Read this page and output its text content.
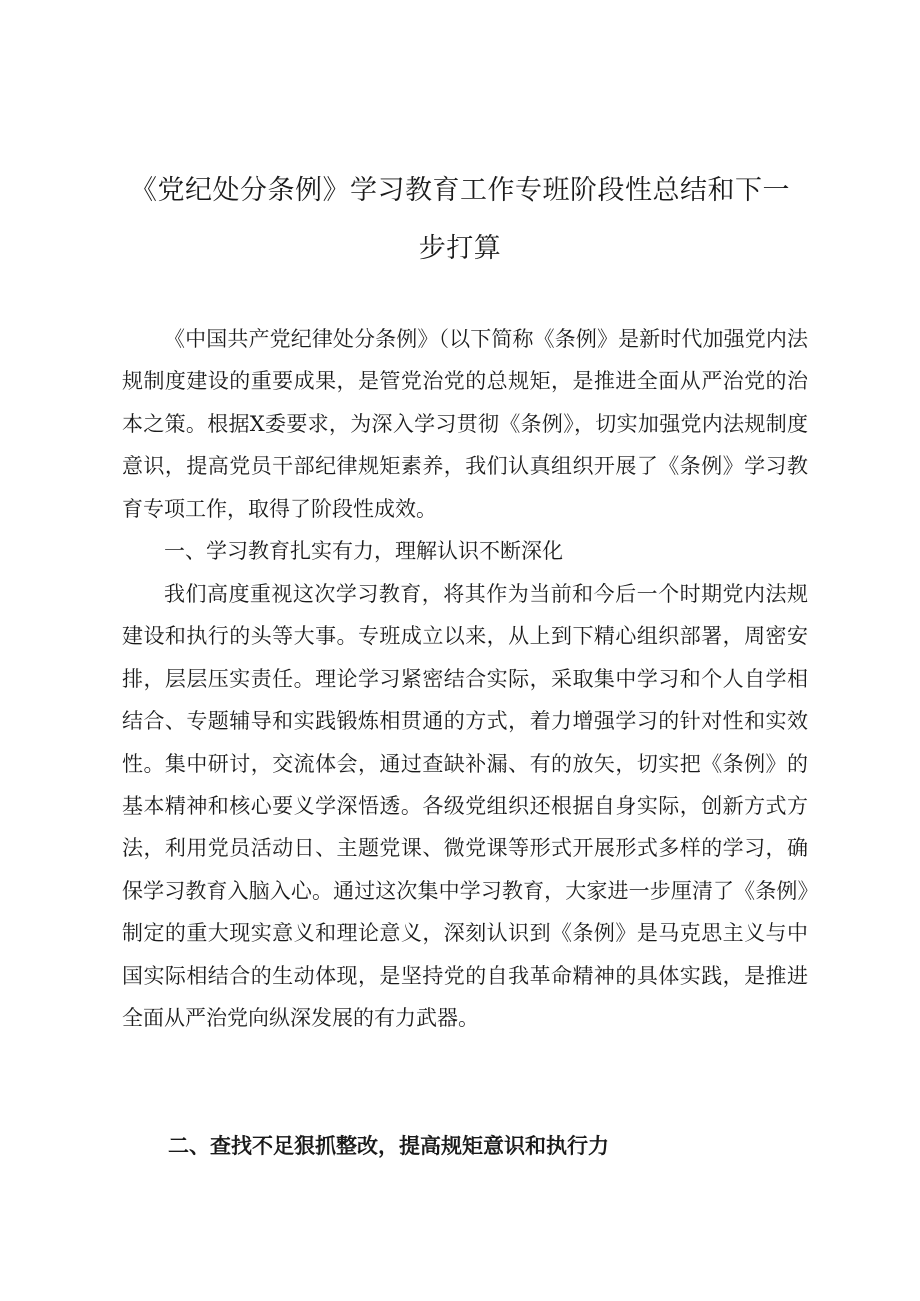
《党纪处分条例》学习教育工作专班阶段性总结和下一
步打算

《中国共产党纪律处分条例》（以下简称《条例》是新时代加强党内法规制度建设的重要成果，是管党治党的总规矩，是推进全面从严治党的治本之策。根据X委要求，为深入学习贯彻《条例》，切实加强党内法规制度意识，提高党员干部纪律规矩素养，我们认真组织开展了《条例》学习教育专项工作，取得了阶段性成效。

一、学习教育扎实有力，理解认识不断深化

我们高度重视这次学习教育，将其作为当前和今后一个时期党内法规建设和执行的头等大事。专班成立以来，从上到下精心组织部署，周密安排，层层压实责任。理论学习紧密结合实际，采取集中学习和个人自学相结合、专题辅导和实践锻炼相贯通的方式，着力增强学习的针对性和实效性。集中研讨，交流体会，通过查缺补漏、有的放矢，切实把《条例》的基本精神和核心要义学深悟透。各级党组织还根据自身实际，创新方式方法，利用党员活动日、主题党课、微党课等形式开展形式多样的学习，确保学习教育入脑入心。通过这次集中学习教育，大家进一步厘清了《条例》制定的重大现实意义和理论意义，深刻认识到《条例》是马克思主义与中国实际相结合的生动体现，是坚持党的自我革命精神的具体实践，是推进全面从严治党向纵深发展的有力武器。

二、查找不足狠抓整改，提高规矩意识和执行力
